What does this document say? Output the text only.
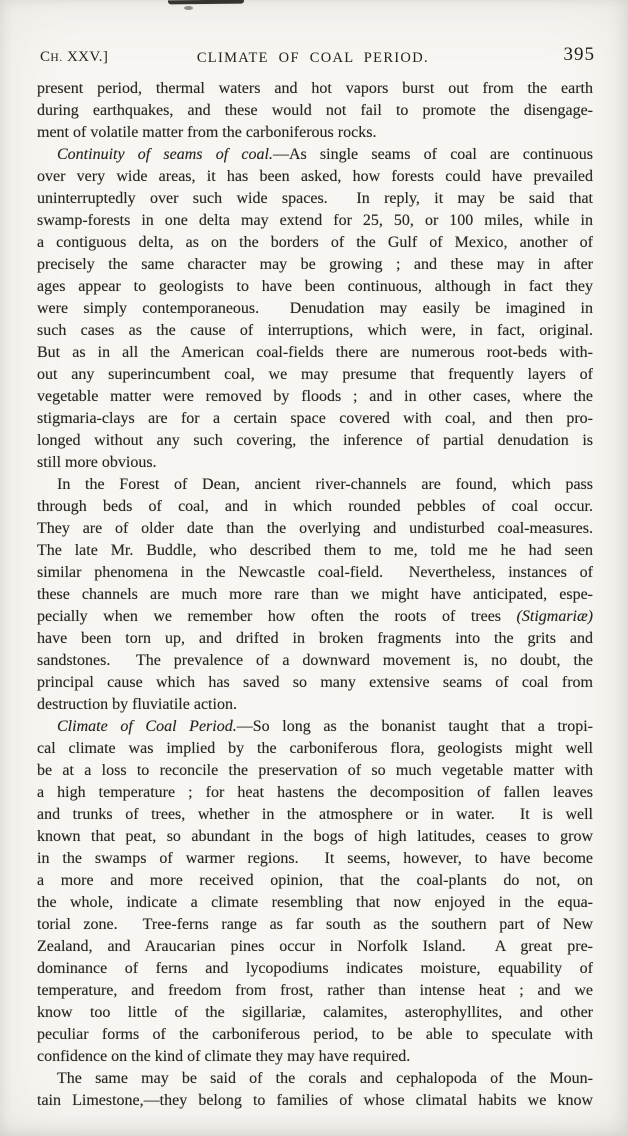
CH. XXV.]	CLIMATE OF COAL PERIOD.	395
present period, thermal waters and hot vapors burst out from the earth
during earthquakes, and these would not fail to promote the disengage-
ment of volatile matter from the carboniferous rocks.
Continuity of seams of coal.—As single seams of coal are continuous
over very wide areas, it has been asked, how forests could have prevailed
uninterruptedly over such wide spaces.  In reply, it may be said that
swamp-forests in one delta may extend for 25, 50, or 100 miles, while in
a contiguous delta, as on the borders of the Gulf of Mexico, another of
precisely the same character may be growing ; and these may in after
ages appear to geologists to have been continuous, although in fact they
were simply contemporaneous.  Denudation may easily be imagined in
such cases as the cause of interruptions, which were, in fact, original.
But as in all the American coal-fields there are numerous root-beds with-
out any superincumbent coal, we may presume that frequently layers of
vegetable matter were removed by floods ; and in other cases, where the
stigmaria-clays are for a certain space covered with coal, and then pro-
longed without any such covering, the inference of partial denudation is
still more obvious.
In the Forest of Dean, ancient river-channels are found, which pass
through beds of coal, and in which rounded pebbles of coal occur.
They are of older date than the overlying and undisturbed coal-measures.
The late Mr. Buddle, who described them to me, told me he had seen
similar phenomena in the Newcastle coal-field.  Nevertheless, instances of
these channels are much more rare than we might have anticipated, espe-
pecially when we remember how often the roots of trees (Stigmariæ)
have been torn up, and drifted in broken fragments into the grits and
sandstones.  The prevalence of a downward movement is, no doubt, the
principal cause which has saved so many extensive seams of coal from
destruction by fluviatile action.
Climate of Coal Period.—So long as the bonanist taught that a tropi-
cal climate was implied by the carboniferous flora, geologists might well
be at a loss to reconcile the preservation of so much vegetable matter with
a high temperature ; for heat hastens the decomposition of fallen leaves
and trunks of trees, whether in the atmosphere or in water.  It is well
known that peat, so abundant in the bogs of high latitudes, ceases to grow
in the swamps of warmer regions.  It seems, however, to have become
a more and more received opinion, that the coal-plants do not, on
the whole, indicate a climate resembling that now enjoyed in the equa-
torial zone.  Tree-ferns range as far south as the southern part of New
Zealand, and Araucarian pines occur in Norfolk Island.  A great pre-
dominance of ferns and lycopodiums indicates moisture, equability of
temperature, and freedom from frost, rather than intense heat ; and we
know too little of the sigillariæ, calamites, asterophyllites, and other
peculiar forms of the carboniferous period, to be able to speculate with
confidence on the kind of climate they may have required.
The same may be said of the corals and cephalopoda of the Moun-
tain Limestone,—they belong to families of whose climatal habits we know
